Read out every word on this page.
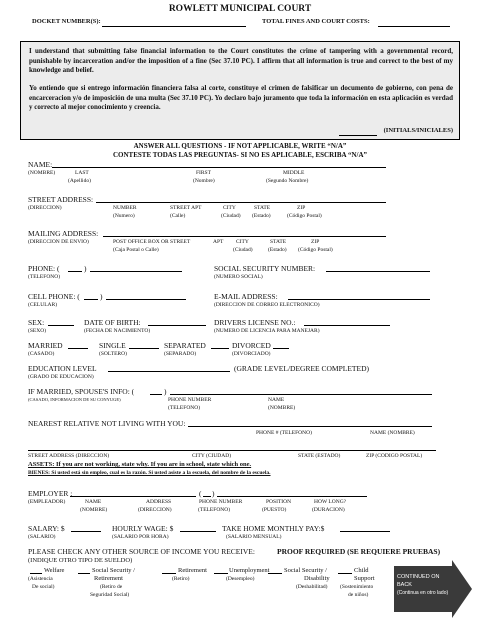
ROWLETT MUNICIPAL COURT
DOCKET NUMBER(S):	TOTAL FINES AND COURT COSTS:
I understand that submitting false financial information to the Court constitutes the crime of tampering with a governmental record, punishable by incarceration and/or the imposition of a fine (Sec 37.10 PC). I affirm that all information is true and correct to the best of my knowledge and belief.
Yo entiendo que si entrego información financiera falsa al corte, constituye el crimen de falsificar un documento de gobierno, con pena de encarceracion y/o de imposición de una multa (Sec 37.10 PC). Yo declaro bajo juramento que toda la información en esta aplicación es verdad y correcto al mejor conocimiento y creencia.
(INITIALS/INICIALES)
ANSWER ALL QUESTIONS - IF NOT APPLICABLE, WRITE “N/A”
CONTESTE TODAS LAS PREGUNTAS- SI NO ES APLICABLE, ESCRIBA “N/A”
NAME:
(NOMBRE)	LAST
(Apellido)
FIRST
(Nombre)
MIDDLE
(Segundo Nombre)
STREET ADDRESS:
(DIRECCION)	NUMBER
(Numero)
STREET APT
(Calle)
CITY
(Ciudad)
STATE
(Estado)
ZIP
(Código Postal)
MAILING ADDRESS:
(DIRECCION DE ENVIO)	POST OFFICE BOX OR STREET
(Caja Postal o Calle)
APT CITY
(Ciudad)
STATE
(Estado)
ZIP
(Código Postal)
PHONE: (	)
(TELEFONO)
SOCIAL SECURITY NUMBER:
(NUMERO SOCIAL)
CELL PHONE: (	)
(CELULAR)
E-MAIL ADDRESS:
(DIRECCION DE CORREO ELECTRONICO)
SEX:
(SEXO)
DATE OF BIRTH:
(FECHA DE NACIMIENTO)
DRIVERS LICENSE NO.:
(NUMERO DE LICENCIA PARA MANEJAR)
MARRIED
(CASADO)
SINGLE
(SOLTERO)
SEPARATED
(SEPARADO)
DIVORCED
(DIVORCIADO)
EDUCATION LEVEL	(GRADE LEVEL/DEGREE COMPLETED)
(GRADO DE EDUCACION)
IF MARRIED, SPOUSE'S INFO: (	)
(CASADO, INFORMACION DE SU CONYUGE)	PHONE NUMBER
(TELEFONO)
NAME
(NOMBRE)
NEAREST RELATIVE NOT LIVING WITH YOU:
PHONE # (TELEFONO)	NAME (NOMBRE)
STREET ADDRESS (DIRECCION)	CITY (CIUDAD)	STATE (ESTADO)	ZIP (CODIGO POSTAL)
ASSETS: If you are not working, state why. If you are in school, state which one.
BIENES: Si usted está sin empleo, cual es la razón. Si usted asiste a la escuela, del nombre de la escuela.
EMPLOYER :	( )
(EMPLEADOR)	NAME
(NOMBRE)
ADDRESS
(DIRECCION)
PHONE NUMBER
(TELEFONO)
POSITION
(PUESTO)
HOW LONG?
(DURACION)
SALARY: $
(SALARIO)
HOURLY WAGE: $
(SALARIO POR HORA)
TAKE HOME MONTHLY PAY:$
(SALARIO MENSUAL)
PLEASE CHECK ANY OTHER SOURCE OF INCOME YOU RECEIVE:	PROOF REQUIRED (SE REQUIERE PRUEBAS)
(INDIQUE OTRO TIPO DE SUELDO)
Welfare
(Asistencia
De social)
Social Security /
Retirement
(Retiro de
Seguridad Social)
Retirement
(Retiro)
Unemployment
(Desempleo)
Social Security /
Disability
(Deshabilitad)
Child
Support
(Sostenimiento
de niños)
CONTINUED ON
BACK
(Continua en otro lado)
